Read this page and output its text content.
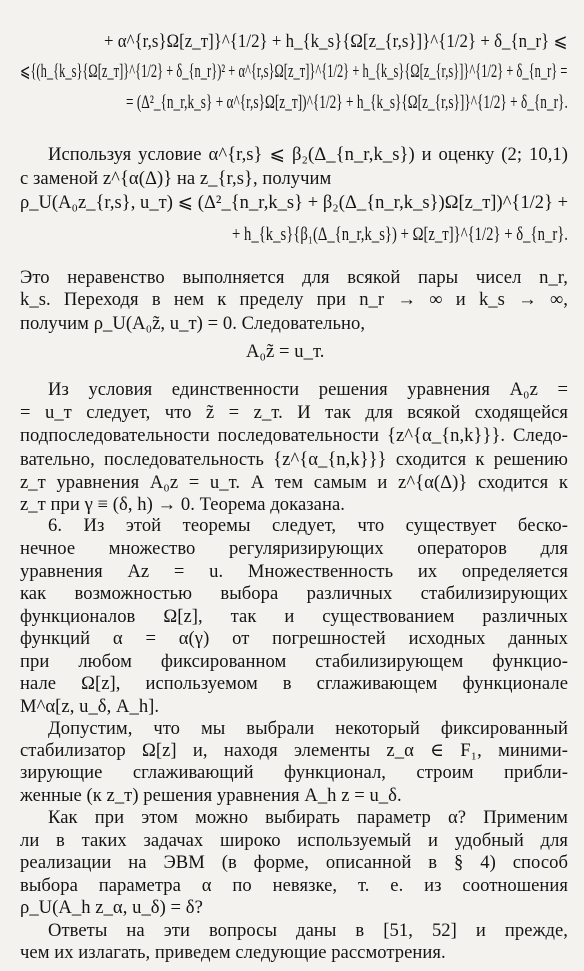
+ α^{r,s}Ω[z_т]}^{1/2} + h_{k_s}{Ω[z_{r,s}]}^{1/2} + δ_{n_r} ⩽
⩽{(h_{k_s}{Ω[z_т]}^{1/2} + δ_{n_r})² + α^{r,s}Ω[z_т]}^{1/2} + h_{k_s}{Ω[z_{r,s}]}^{1/2} + δ_{n_r} =
= (Δ²_{n_r,k_s} + α^{r,s}Ω[z_т])^{1/2} + h_{k_s}{Ω[z_{r,s}]}^{1/2} + δ_{n_r}.
Используя условие α^{r,s} ⩽ β₂(Δ_{n_r,k_s}) и оценку (2; 10,1)
с заменой z^{α(Δ)} на z_{r,s}, получим
ρ_U(A₀z_{r,s}, u_т) ⩽ (Δ²_{n_r,k_s} + β₂(Δ_{n_r,k_s})Ω[z_т])^{1/2} +
+ h_{k_s}{β₁(Δ_{n_r,k_s}) + Ω[z_т]}^{1/2} + δ_{n_r}.
Это неравенство выполняется для всякой пары чисел n_r,
k_s. Переходя в нем к пределу при n_r → ∞ и k_s → ∞,
получим ρ_U(A₀z̃, u_т) = 0. Следовательно,
A₀z̃ = u_т.
Из условия единственности решения уравнения A₀z =
= u_т следует, что z̃ = z_т. И так для всякой сходящейся
подпоследовательности последовательности {z^{α_{n,k}}}. Следо-
вательно, последовательность {z^{α_{n,k}}} сходится к решению
z_т уравнения A₀z = u_т. А тем самым и z^{α(Δ)} сходится к
z_т при γ ≡ (δ, h) → 0. Теорема доказана.
6. Из этой теоремы следует, что существует беско-
нечное множество регуляризирующих операторов для
уравнения Az = u. Множественность их определяется
как возможностью выбора различных стабилизирующих
функционалов Ω[z], так и существованием различных
функций α = α(γ) от погрешностей исходных данных
при любом фиксированном стабилизирующем функцио-
нале Ω[z], используемом в сглаживающем функционале
M^α[z, u_δ, A_h].
Допустим, что мы выбрали некоторый фиксированный
стабилизатор Ω[z] и, находя элементы z_α ∈ F₁, миними-
зирующие сглаживающий функционал, строим прибли-
женные (к z_т) решения уравнения A_h z = u_δ.
Как при этом можно выбирать параметр α? Применим
ли в таких задачах широко используемый и удобный для
реализации на ЭВМ (в форме, описанной в § 4) способ
выбора параметра α по невязке, т. е. из соотношения
ρ_U(A_h z_α, u_δ) = δ?
Ответы на эти вопросы даны в [51, 52] и прежде,
чем их излагать, приведем следующие рассмотрения.
